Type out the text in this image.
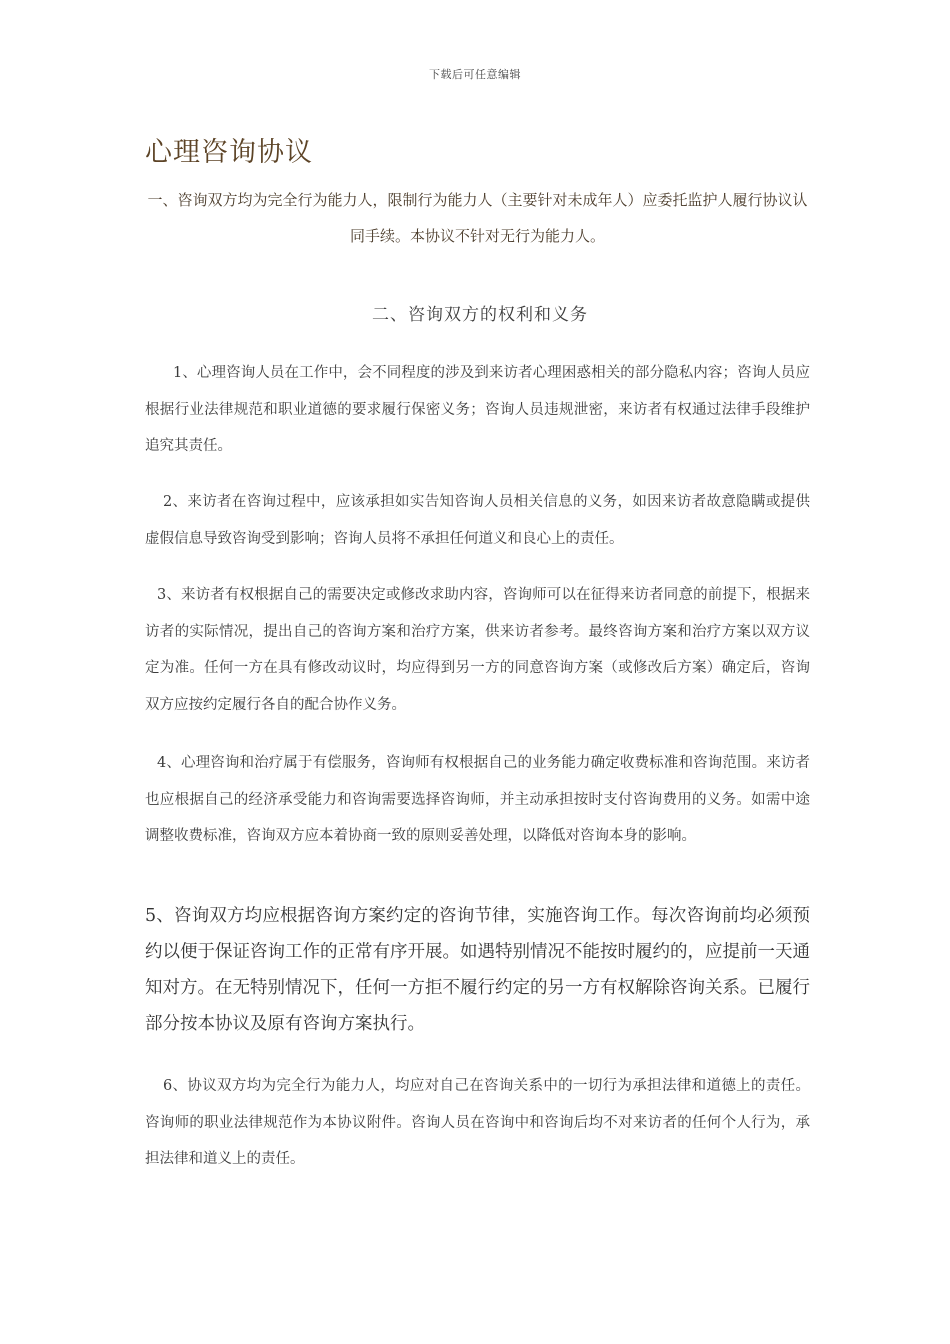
下载后可任意编辑
心理咨询协议

一、咨询双方均为完全行为能力人，限制行为能力人（主要针对未成年人）应委托监护人履行协议认同手续。本协议不针对无行为能力人。

二、咨询双方的权利和义务

1、心理咨询人员在工作中，会不同程度的涉及到来访者心理困惑相关的部分隐私内容；咨询人员应根据行业法律规范和职业道德的要求履行保密义务；咨询人员违规泄密，来访者有权通过法律手段维护追究其责任。

2、来访者在咨询过程中，应该承担如实告知咨询人员相关信息的义务，如因来访者故意隐瞒或提供虚假信息导致咨询受到影响；咨询人员将不承担任何道义和良心上的责任。

3、来访者有权根据自己的需要决定或修改求助内容，咨询师可以在征得来访者同意的前提下，根据来访者的实际情况，提出自己的咨询方案和治疗方案，供来访者参考。最终咨询方案和治疗方案以双方议定为准。任何一方在具有修改动议时，均应得到另一方的同意咨询方案（或修改后方案）确定后，咨询双方应按约定履行各自的配合协作义务。

4、心理咨询和治疗属于有偿服务，咨询师有权根据自己的业务能力确定收费标准和咨询范围。来访者也应根据自己的经济承受能力和咨询需要选择咨询师，并主动承担按时支付咨询费用的义务。如需中途调整收费标准，咨询双方应本着协商一致的原则妥善处理，以降低对咨询本身的影响。

5、咨询双方均应根据咨询方案约定的咨询节律，实施咨询工作。每次咨询前均必须预约以便于保证咨询工作的正常有序开展。如遇特别情况不能按时履约的，应提前一天通知对方。在无特别情况下，任何一方拒不履行约定的另一方有权解除咨询关系。已履行部分按本协议及原有咨询方案执行。

6、协议双方均为完全行为能力人，均应对自己在咨询关系中的一切行为承担法律和道德上的责任。咨询师的职业法律规范作为本协议附件。咨询人员在咨询中和咨询后均不对来访者的任何个人行为，承担法律和道义上的责任。
